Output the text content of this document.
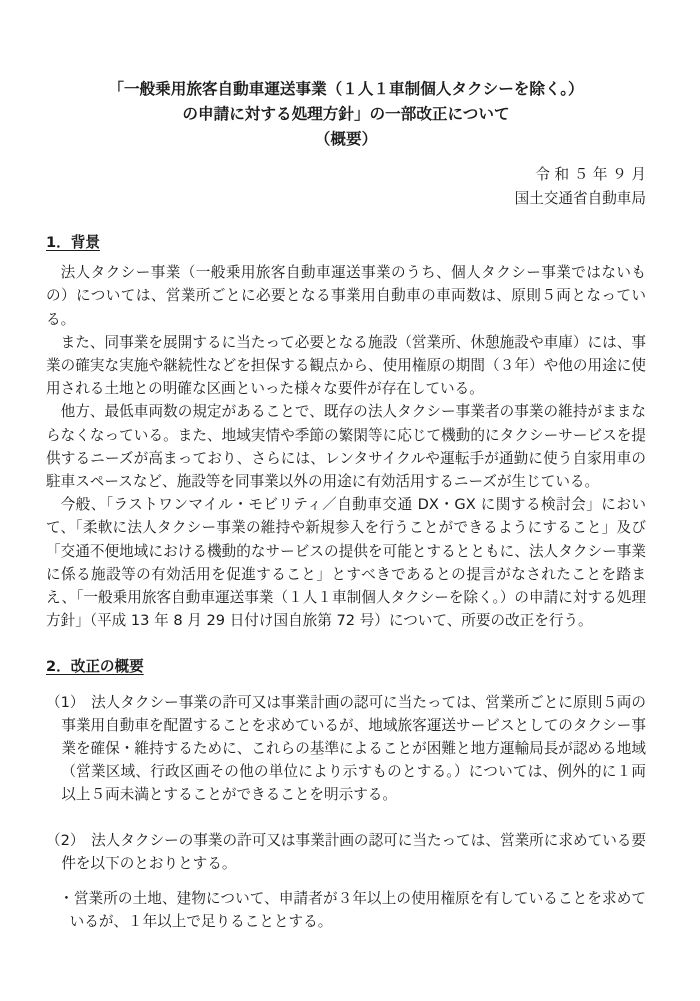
「一般乗用旅客自動車運送事業（１人１車制個人タクシーを除く。）
の申請に対する処理方針」の一部改正について
（概要）
令 和 ５ 年 ９ 月
国土交通省自動車局
1．背景

法人タクシー事業（一般乗用旅客自動車運送事業のうち、個人タクシー事業ではないもの）については、営業所ごとに必要となる事業用自動車の車両数は、原則５両となっている。

また、同事業を展開するに当たって必要となる施設（営業所、休憩施設や車庫）には、事業の確実な実施や継続性などを担保する観点から、使用権原の期間（３年）や他の用途に使用される土地との明確な区画といった様々な要件が存在している。

他方、最低車両数の規定があることで、既存の法人タクシー事業者の事業の維持がままならなくなっている。また、地域実情や季節の繁閑等に応じて機動的にタクシーサービスを提供するニーズが高まっており、さらには、レンタサイクルや運転手が通勤に使う自家用車の駐車スペースなど、施設等を同事業以外の用途に有効活用するニーズが生じている。

今般、「ラストワンマイル・モビリティ／自動車交通 DX・GX に関する検討会」において、「柔軟に法人タクシー事業の維持や新規参入を行うことができるようにすること」及び「交通不便地域における機動的なサービスの提供を可能とするとともに、法人タクシー事業に係る施設等の有効活用を促進すること」とすべきであるとの提言がなされたことを踏まえ、「一般乗用旅客自動車運送事業（１人１車制個人タクシーを除く。）の申請に対する処理方針」（平成 13 年 8 月 29 日付け国自旅第 72 号）について、所要の改正を行う。

2．改正の概要
（1） 法人タクシー事業の許可又は事業計画の認可に当たっては、営業所ごとに原則５両の事業用自動車を配置することを求めているが、地域旅客運送サービスとしてのタクシー事業を確保・維持するために、これらの基準によることが困難と地方運輸局長が認める地域（営業区域、行政区画その他の単位により示すものとする。）については、例外的に１両以上５両未満とすることができることを明示する。
（2） 法人タクシーの事業の許可又は事業計画の認可に当たっては、営業所に求めている要件を以下のとおりとする。
・営業所の土地、建物について、申請者が３年以上の使用権原を有していることを求めているが、１年以上で足りることとする。
